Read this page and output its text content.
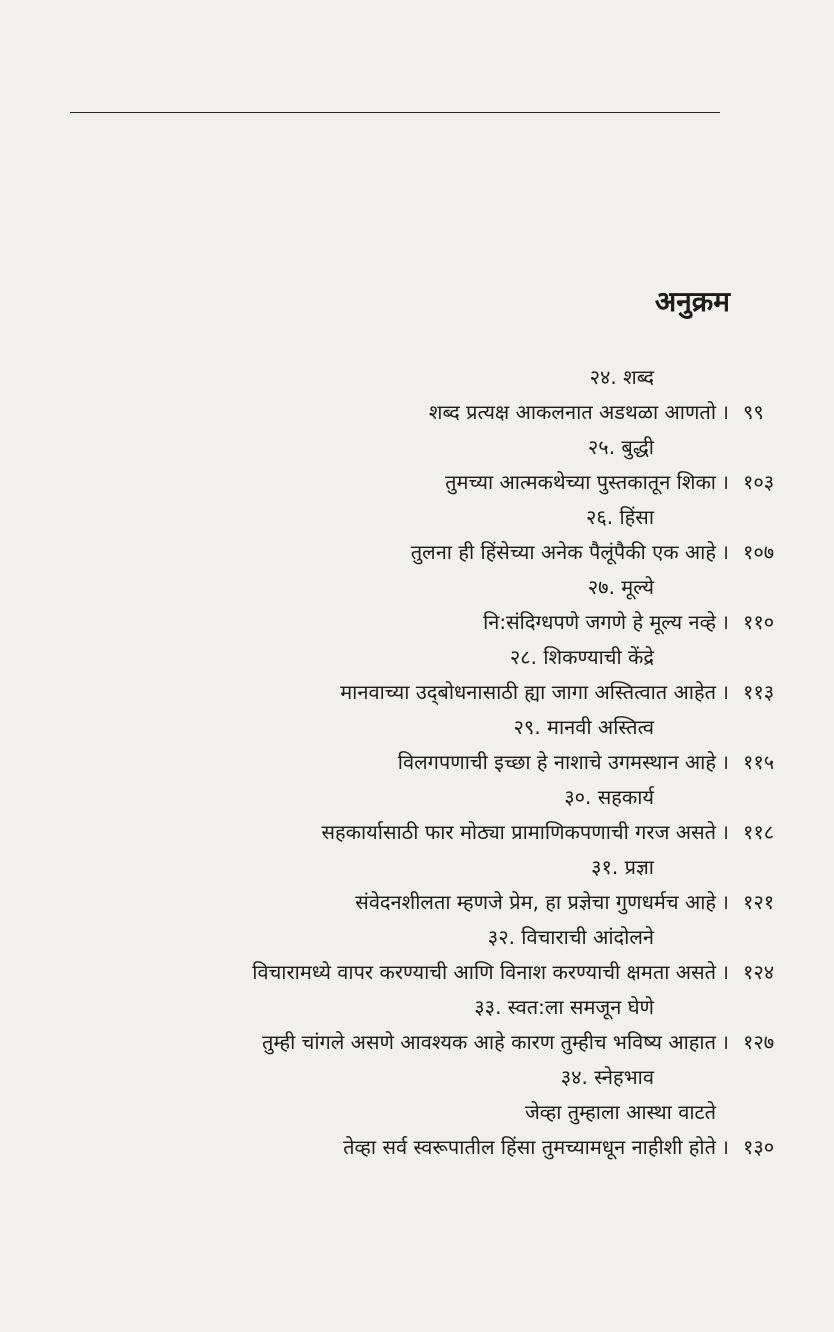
अनुक्रम
२४. शब्द
शब्द प्रत्यक्ष आकलनात अडथळा आणतो । ९९
२५. बुद्धी
तुमच्या आत्मकथेच्या पुस्तकातून शिका । १०३
२६. हिंसा
तुलना ही हिंसेच्या अनेक पैलूंपैकी एक आहे । १०७
२७. मूल्ये
नि:संदिग्धपणे जगणे हे मूल्य नव्हे । ११०
२८. शिकण्याची केंद्रे
मानवाच्या उद्‌बोधनासाठी ह्या जागा अस्तित्वात आहेत । ११३
२९. मानवी अस्तित्व
विलगपणाची इच्छा हे नाशाचे उगमस्थान आहे । ११५
३०. सहकार्य
सहकार्यासाठी फार मोठ्या प्रामाणिकपणाची गरज असते । ११८
३१. प्रज्ञा
संवेदनशीलता म्हणजे प्रेम, हा प्रज्ञेचा गुणधर्मच आहे । १२१
३२. विचाराची आंदोलने
विचारामध्ये वापर करण्याची आणि विनाश करण्याची क्षमता असते । १२४
३३. स्वत:ला समजून घेणे
तुम्ही चांगले असणे आवश्यक आहे कारण तुम्हीच भविष्य आहात । १२७
३४. स्नेहभाव
जेव्हा तुम्हाला आस्था वाटते
तेव्हा सर्व स्वरूपातील हिंसा तुमच्यामधून नाहीशी होते । १३०
